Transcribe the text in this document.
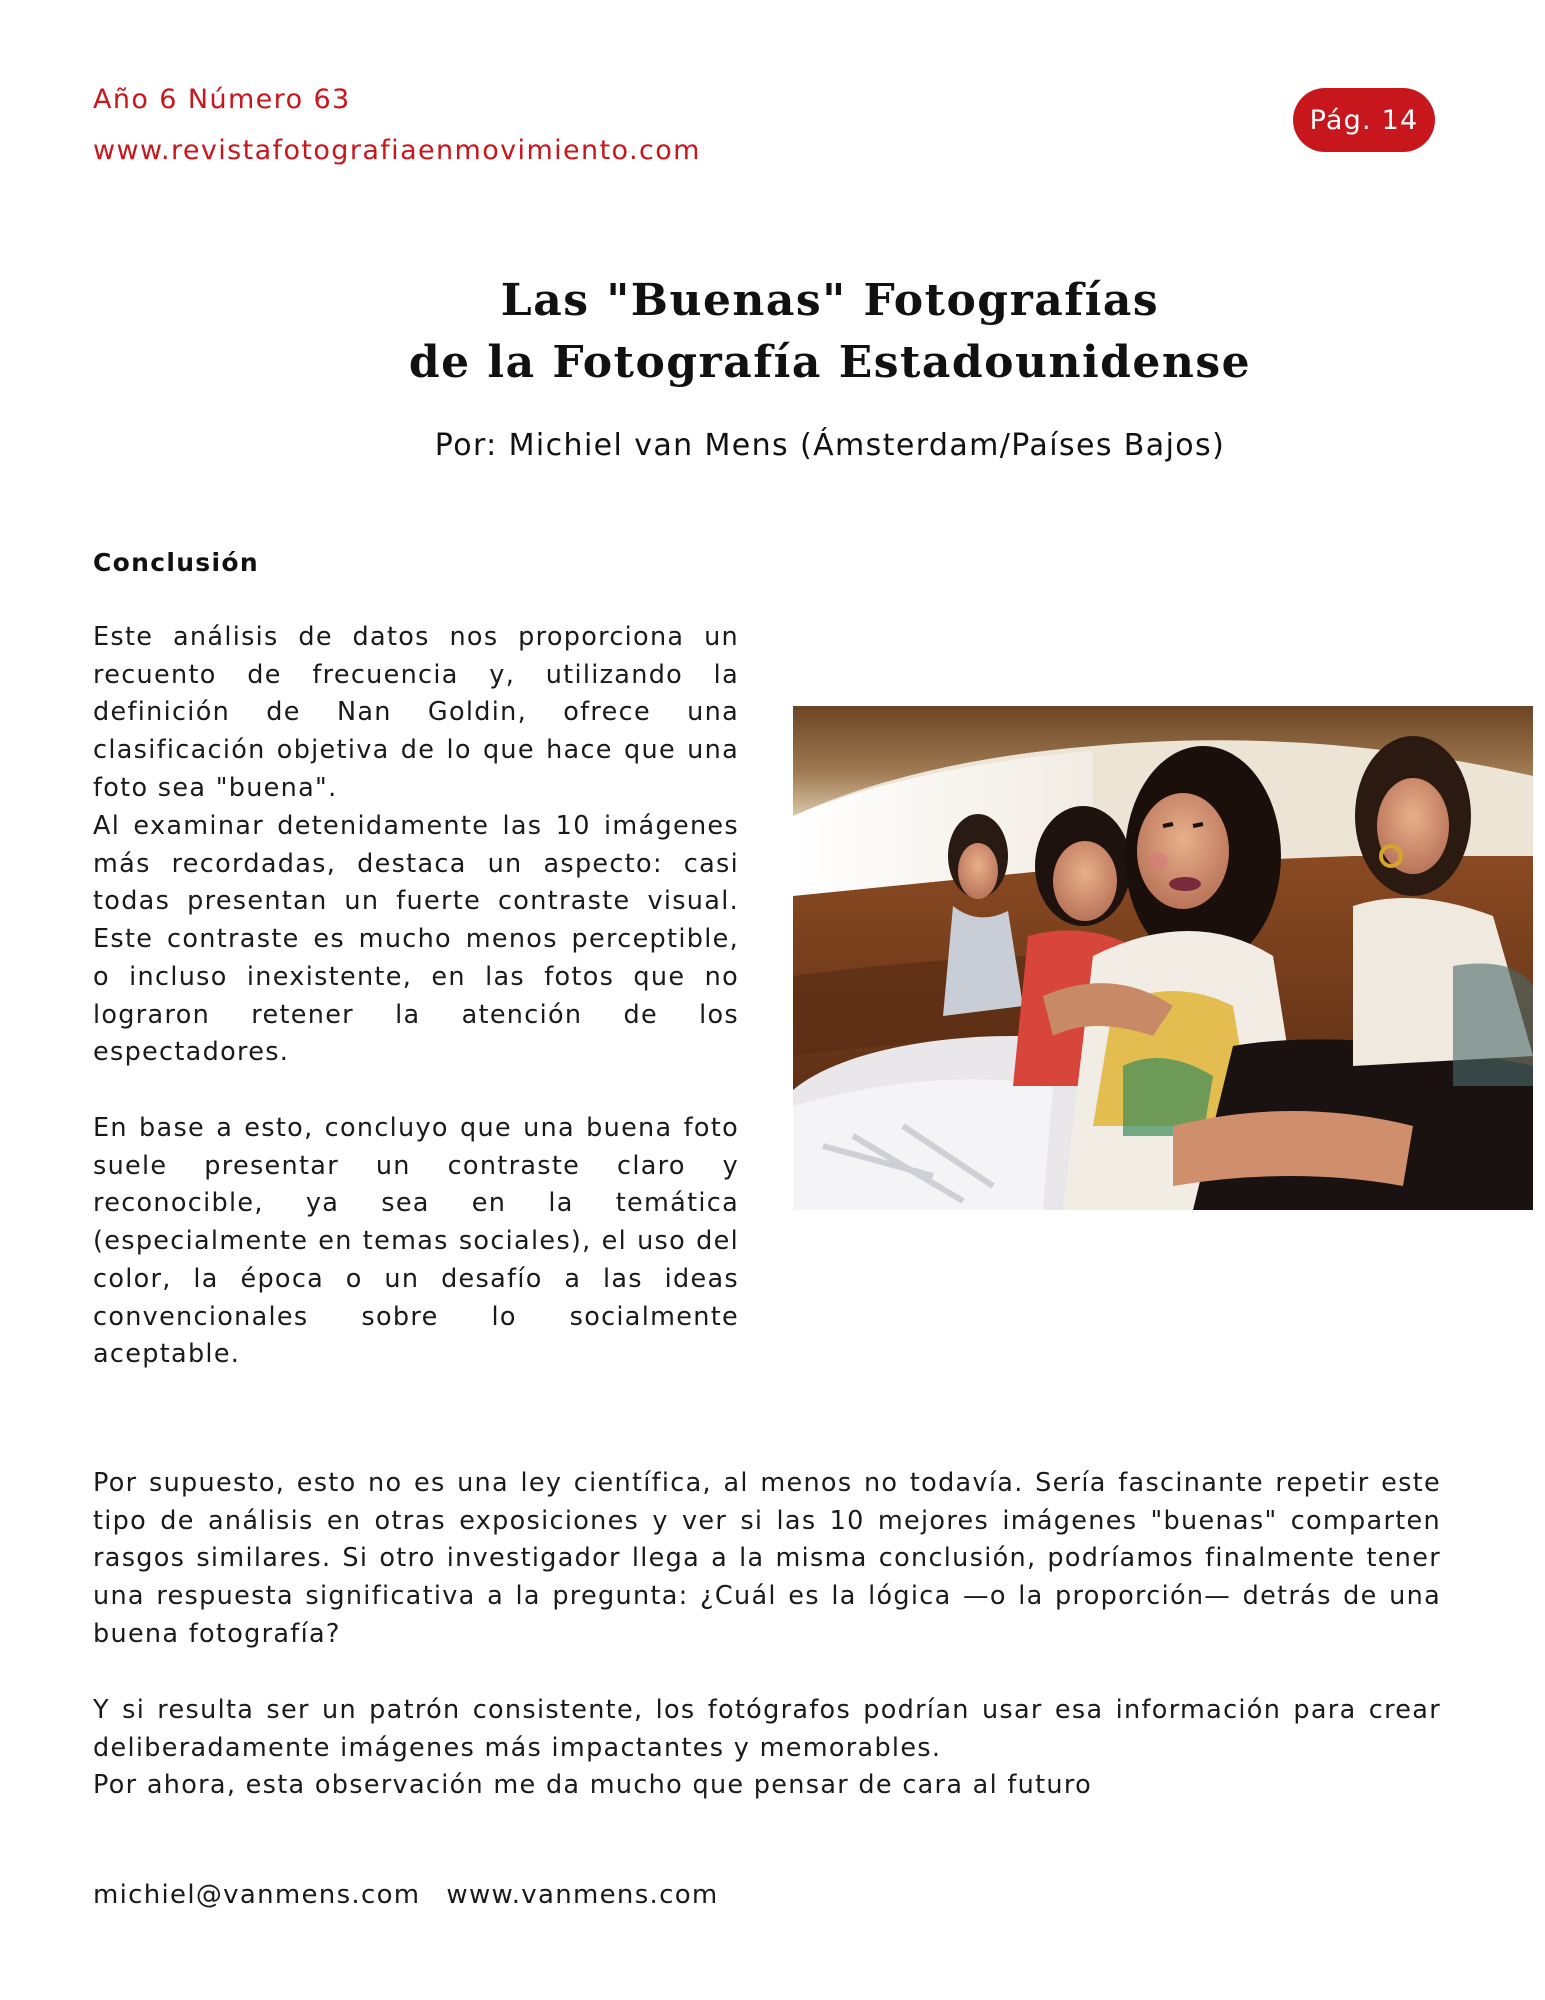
Año 6 Número 63
www.revistafotografiaenmovimiento.com
Pág. 14
Las "Buenas" Fotografías
de la Fotografía Estadounidense
Por: Michiel van Mens (Ámsterdam/Países Bajos)
Conclusión

Este análisis de datos nos proporciona un recuento de frecuencia y, utilizando la definición de Nan Goldin, ofrece una clasificación objetiva de lo que hace que una foto sea "buena".

Al examinar detenidamente las 10 imágenes más recordadas, destaca un aspecto: casi todas presentan un fuerte contraste visual. Este contraste es mucho menos perceptible, o incluso inexistente, en las fotos que no lograron retener la atención de los espectadores.

En base a esto, concluyo que una buena foto suele presentar un contraste claro y reconocible, ya sea en la temática (especialmente en temas sociales), el uso del color, la época o un desafío a las ideas convencionales sobre lo socialmente aceptable.

Por supuesto, esto no es una ley científica, al menos no todavía. Sería fascinante repetir este tipo de análisis en otras exposiciones y ver si las 10 mejores imágenes "buenas" comparten rasgos similares. Si otro investigador llega a la misma conclusión, podríamos finalmente tener una respuesta significativa a la pregunta: ¿Cuál es la lógica —o la proporción— detrás de una buena fotografía?

Y si resulta ser un patrón consistente, los fotógrafos podrían usar esa información para crear deliberadamente imágenes más impactantes y memorables.

Por ahora, esta observación me da mucho que pensar de cara al futuro

michiel@vanmens.com www.vanmens.com
